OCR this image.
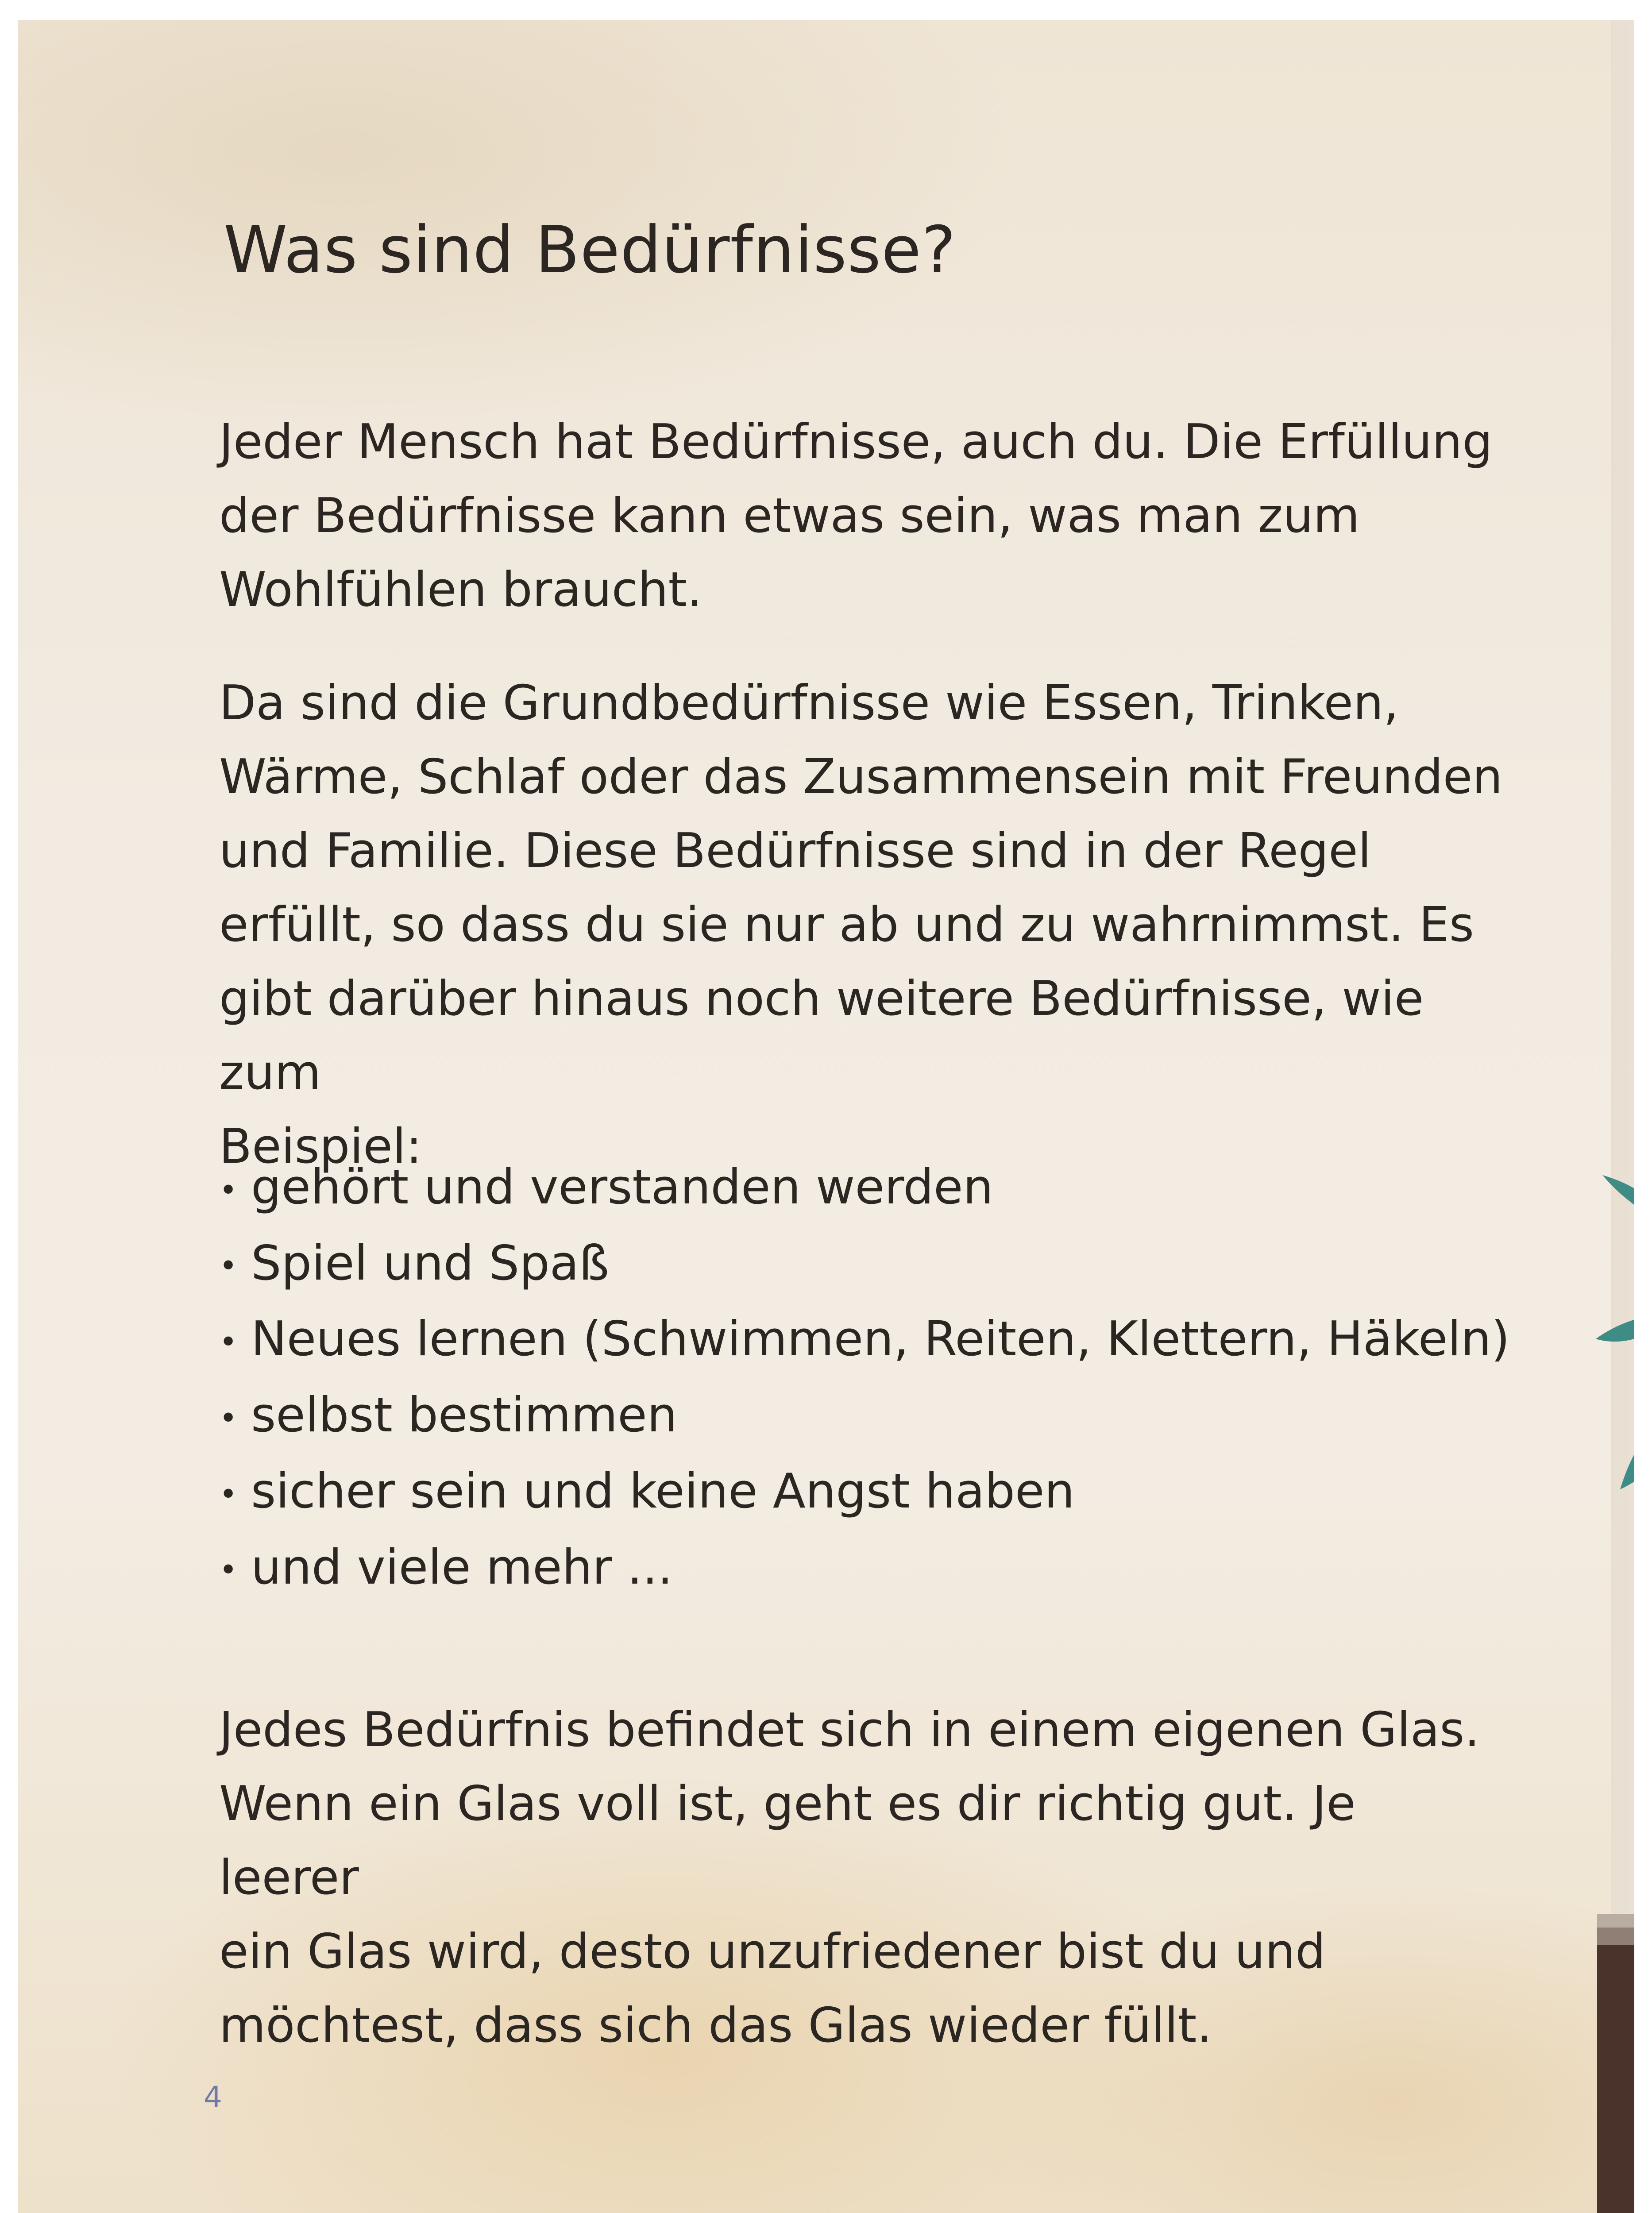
Was sind Bedürfnisse?

Jeder Mensch hat Bedürfnisse, auch du. Die Erfüllung
der Bedürfnisse kann etwas sein, was man zum
Wohlfühlen braucht.

Da sind die Grundbedürfnisse wie Essen, Trinken,
Wärme, Schlaf oder das Zusammensein mit Freunden
und Familie. Diese Bedürfnisse sind in der Regel
erfüllt, so dass du sie nur ab und zu wahrnimmst. Es
gibt darüber hinaus noch weitere Bedürfnisse, wie zum
Beispiel:

• gehört und verstanden werden
• Spiel und Spaß
• Neues lernen (Schwimmen, Reiten, Klettern, Häkeln)
• selbst bestimmen
• sicher sein und keine Angst haben
• und viele mehr ...

Jedes Bedürfnis befindet sich in einem eigenen Glas.
Wenn ein Glas voll ist, geht es dir richtig gut. Je leerer
ein Glas wird, desto unzufriedener bist du und
möchtest, dass sich das Glas wieder füllt.

4
